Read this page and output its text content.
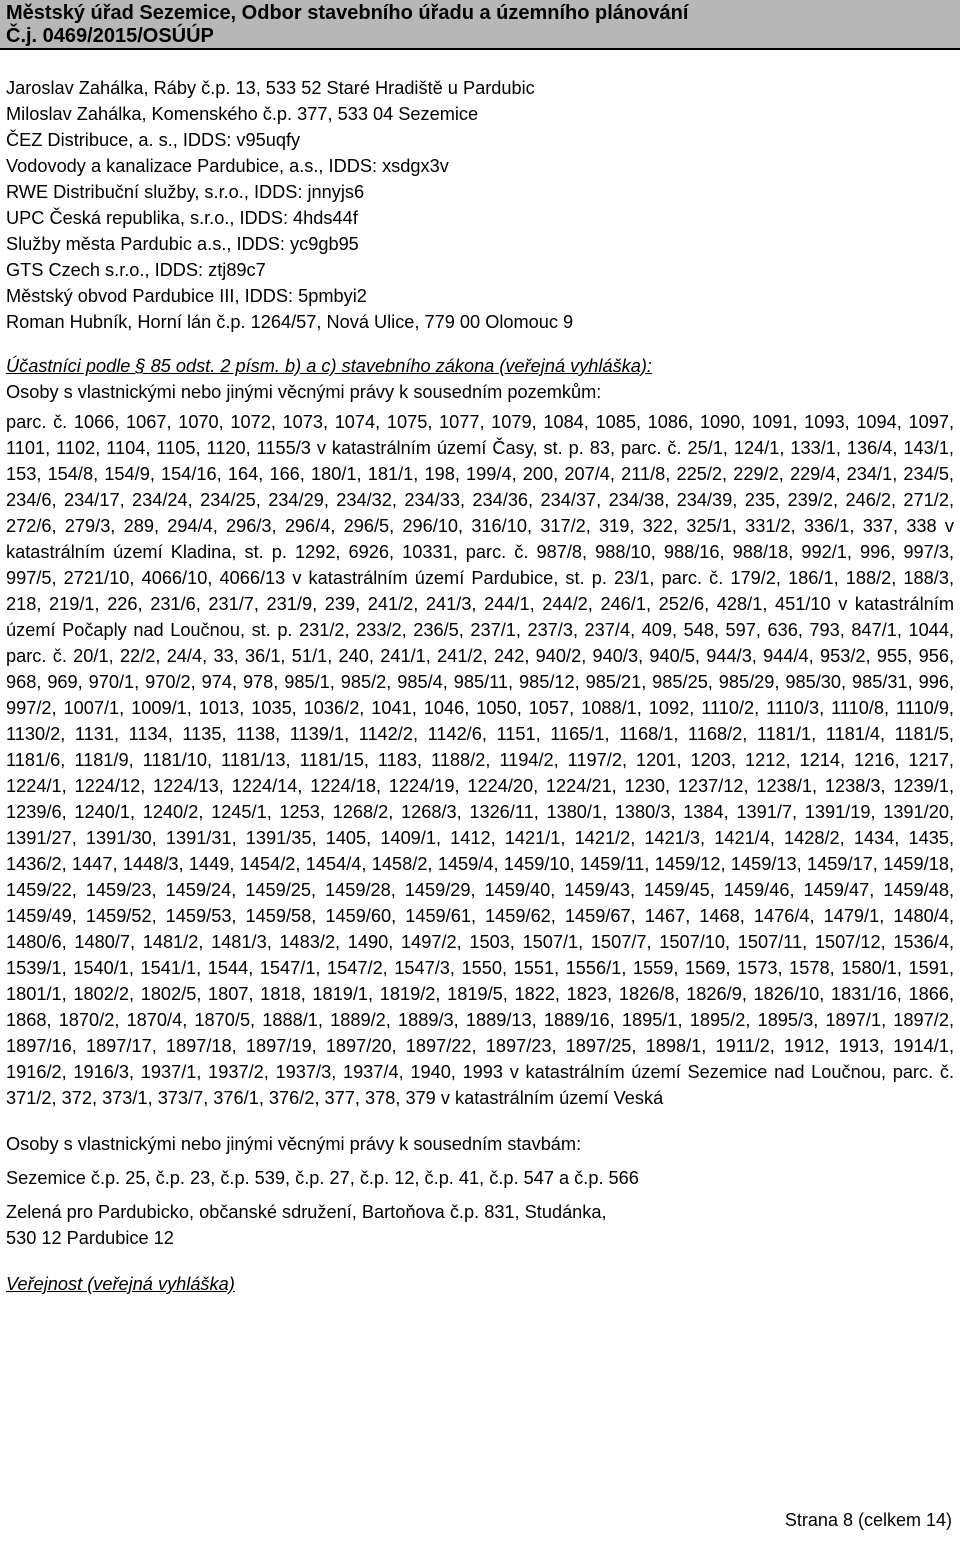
Městský úřad Sezemice, Odbor stavebního úřadu a územního plánování
Č.j. 0469/2015/OSÚÚP

Jaroslav Zahálka, Ráby č.p. 13, 533 52 Staré Hradiště u Pardubic

Miloslav Zahálka, Komenského č.p. 377, 533 04 Sezemice

ČEZ Distribuce, a. s., IDDS: v95uqfy

Vodovody a kanalizace Pardubice, a.s., IDDS: xsdgx3v

RWE Distribuční služby, s.r.o., IDDS: jnnyjs6

UPC Česká republika, s.r.o., IDDS: 4hds44f

Služby města Pardubic a.s., IDDS: yc9gb95

GTS Czech s.r.o., IDDS: ztj89c7

Městský obvod Pardubice III, IDDS: 5pmbyi2

Roman Hubník, Horní lán č.p. 1264/57, Nová Ulice, 779 00 Olomouc 9

Účastníci podle § 85 odst. 2 písm. b) a c) stavebního zákona (veřejná vyhláška):

Osoby s vlastnickými nebo jinými věcnými právy k sousedním pozemkům:

parc. č. 1066, 1067, 1070, 1072, 1073, 1074, 1075, 1077, 1079, 1084, 1085, 1086, 1090, 1091, 1093, 1094, 1097, 1101, 1102, 1104, 1105, 1120, 1155/3 v katastrálním území Časy, st. p. 83, parc. č. 25/1, 124/1, 133/1, 136/4, 143/1, 153, 154/8, 154/9, 154/16, 164, 166, 180/1, 181/1, 198, 199/4, 200, 207/4, 211/8, 225/2, 229/2, 229/4, 234/1, 234/5, 234/6, 234/17, 234/24, 234/25, 234/29, 234/32, 234/33, 234/36, 234/37, 234/38, 234/39, 235, 239/2, 246/2, 271/2, 272/6, 279/3, 289, 294/4, 296/3, 296/4, 296/5, 296/10, 316/10, 317/2, 319, 322, 325/1, 331/2, 336/1, 337, 338 v katastrálním území Kladina, st. p. 1292, 6926, 10331, parc. č. 987/8, 988/10, 988/16, 988/18, 992/1, 996, 997/3, 997/5, 2721/10, 4066/10, 4066/13 v katastrálním území Pardubice, st. p. 23/1, parc. č. 179/2, 186/1, 188/2, 188/3, 218, 219/1, 226, 231/6, 231/7, 231/9, 239, 241/2, 241/3, 244/1, 244/2, 246/1, 252/6, 428/1, 451/10 v katastrálním území Počaply nad Loučnou, st. p. 231/2, 233/2, 236/5, 237/1, 237/3, 237/4, 409, 548, 597, 636, 793, 847/1, 1044, parc. č. 20/1, 22/2, 24/4, 33, 36/1, 51/1, 240, 241/1, 241/2, 242, 940/2, 940/3, 940/5, 944/3, 944/4, 953/2, 955, 956, 968, 969, 970/1, 970/2, 974, 978, 985/1, 985/2, 985/4, 985/11, 985/12, 985/21, 985/25, 985/29, 985/30, 985/31, 996, 997/2, 1007/1, 1009/1, 1013, 1035, 1036/2, 1041, 1046, 1050, 1057, 1088/1, 1092, 1110/2, 1110/3, 1110/8, 1110/9, 1130/2, 1131, 1134, 1135, 1138, 1139/1, 1142/2, 1142/6, 1151, 1165/1, 1168/1, 1168/2, 1181/1, 1181/4, 1181/5, 1181/6, 1181/9, 1181/10, 1181/13, 1181/15, 1183, 1188/2, 1194/2, 1197/2, 1201, 1203, 1212, 1214, 1216, 1217, 1224/1, 1224/12, 1224/13, 1224/14, 1224/18, 1224/19, 1224/20, 1224/21, 1230, 1237/12, 1238/1, 1238/3, 1239/1, 1239/6, 1240/1, 1240/2, 1245/1, 1253, 1268/2, 1268/3, 1326/11, 1380/1, 1380/3, 1384, 1391/7, 1391/19, 1391/20, 1391/27, 1391/30, 1391/31, 1391/35, 1405, 1409/1, 1412, 1421/1, 1421/2, 1421/3, 1421/4, 1428/2, 1434, 1435, 1436/2, 1447, 1448/3, 1449, 1454/2, 1454/4, 1458/2, 1459/4, 1459/10, 1459/11, 1459/12, 1459/13, 1459/17, 1459/18, 1459/22, 1459/23, 1459/24, 1459/25, 1459/28, 1459/29, 1459/40, 1459/43, 1459/45, 1459/46, 1459/47, 1459/48, 1459/49, 1459/52, 1459/53, 1459/58, 1459/60, 1459/61, 1459/62, 1459/67, 1467, 1468, 1476/4, 1479/1, 1480/4, 1480/6, 1480/7, 1481/2, 1481/3, 1483/2, 1490, 1497/2, 1503, 1507/1, 1507/7, 1507/10, 1507/11, 1507/12, 1536/4, 1539/1, 1540/1, 1541/1, 1544, 1547/1, 1547/2, 1547/3, 1550, 1551, 1556/1, 1559, 1569, 1573, 1578, 1580/1, 1591, 1801/1, 1802/2, 1802/5, 1807, 1818, 1819/1, 1819/2, 1819/5, 1822, 1823, 1826/8, 1826/9, 1826/10, 1831/16, 1866, 1868, 1870/2, 1870/4, 1870/5, 1888/1, 1889/2, 1889/3, 1889/13, 1889/16, 1895/1, 1895/2, 1895/3, 1897/1, 1897/2, 1897/16, 1897/17, 1897/18, 1897/19, 1897/20, 1897/22, 1897/23, 1897/25, 1898/1, 1911/2, 1912, 1913, 1914/1, 1916/2, 1916/3, 1937/1, 1937/2, 1937/3, 1937/4, 1940, 1993 v katastrálním území Sezemice nad Loučnou, parc. č. 371/2, 372, 373/1, 373/7, 376/1, 376/2, 377, 378, 379 v katastrálním území Veská

Osoby s vlastnickými nebo jinými věcnými právy k sousedním stavbám:

Sezemice č.p. 25, č.p. 23, č.p. 539, č.p. 27, č.p. 12, č.p. 41, č.p. 547 a č.p. 566

Zelená pro Pardubicko, občanské sdružení, Bartoňova č.p. 831, Studánka,

530 12 Pardubice 12

Veřejnost (veřejná vyhláška)

Strana 8 (celkem 14)
